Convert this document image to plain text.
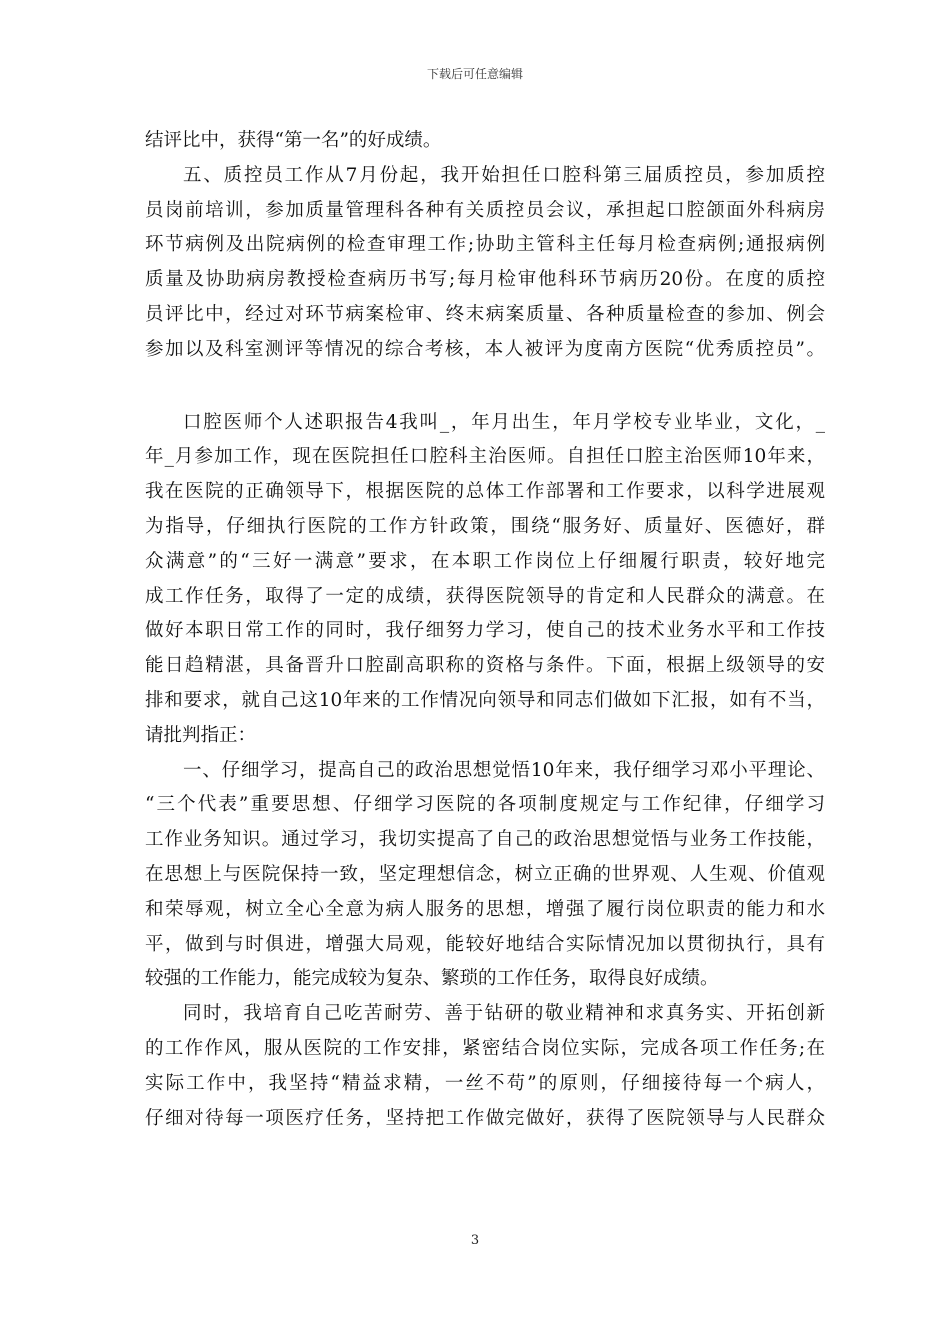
下载后可任意编辑
结评比中，获得“第一名”的好成绩。
五、质控员工作从7月份起，我开始担任口腔科第三届质控员，参加质控
员岗前培训，参加质量管理科各种有关质控员会议，承担起口腔颌面外科病房
环节病例及出院病例的检查审理工作;协助主管科主任每月检查病例;通报病例
质量及协助病房教授检查病历书写;每月检审他科环节病历20份。在度的质控
员评比中，经过对环节病案检审、终末病案质量、各种质量检查的参加、例会
参加以及科室测评等情况的综合考核，本人被评为度南方医院“优秀质控员”。
口腔医师个人述职报告4我叫_，年月出生，年月学校专业毕业，文化，_
年_月参加工作，现在医院担任口腔科主治医师。自担任口腔主治医师10年来，
我在医院的正确领导下，根据医院的总体工作部署和工作要求，以科学进展观
为指导，仔细执行医院的工作方针政策，围绕“服务好、质量好、医德好，群
众满意”的“三好一满意”要求，在本职工作岗位上仔细履行职责，较好地完
成工作任务，取得了一定的成绩，获得医院领导的肯定和人民群众的满意。在
做好本职日常工作的同时，我仔细努力学习，使自己的技术业务水平和工作技
能日趋精湛，具备晋升口腔副高职称的资格与条件。下面，根据上级领导的安
排和要求，就自己这10年来的工作情况向领导和同志们做如下汇报，如有不当，
请批判指正：
一、仔细学习，提高自己的政治思想觉悟10年来，我仔细学习邓小平理论、
“三个代表”重要思想、仔细学习医院的各项制度规定与工作纪律，仔细学习
工作业务知识。通过学习，我切实提高了自己的政治思想觉悟与业务工作技能，
在思想上与医院保持一致，坚定理想信念，树立正确的世界观、人生观、价值观
和荣辱观，树立全心全意为病人服务的思想，增强了履行岗位职责的能力和水
平，做到与时俱进，增强大局观，能较好地结合实际情况加以贯彻执行，具有
较强的工作能力，能完成较为复杂、繁琐的工作任务，取得良好成绩。
同时，我培育自己吃苦耐劳、善于钻研的敬业精神和求真务实、开拓创新
的工作作风，服从医院的工作安排，紧密结合岗位实际，完成各项工作任务;在
实际工作中，我坚持“精益求精，一丝不苟”的原则，仔细接待每一个病人，
仔细对待每一项医疗任务，坚持把工作做完做好，获得了医院领导与人民群众
3
